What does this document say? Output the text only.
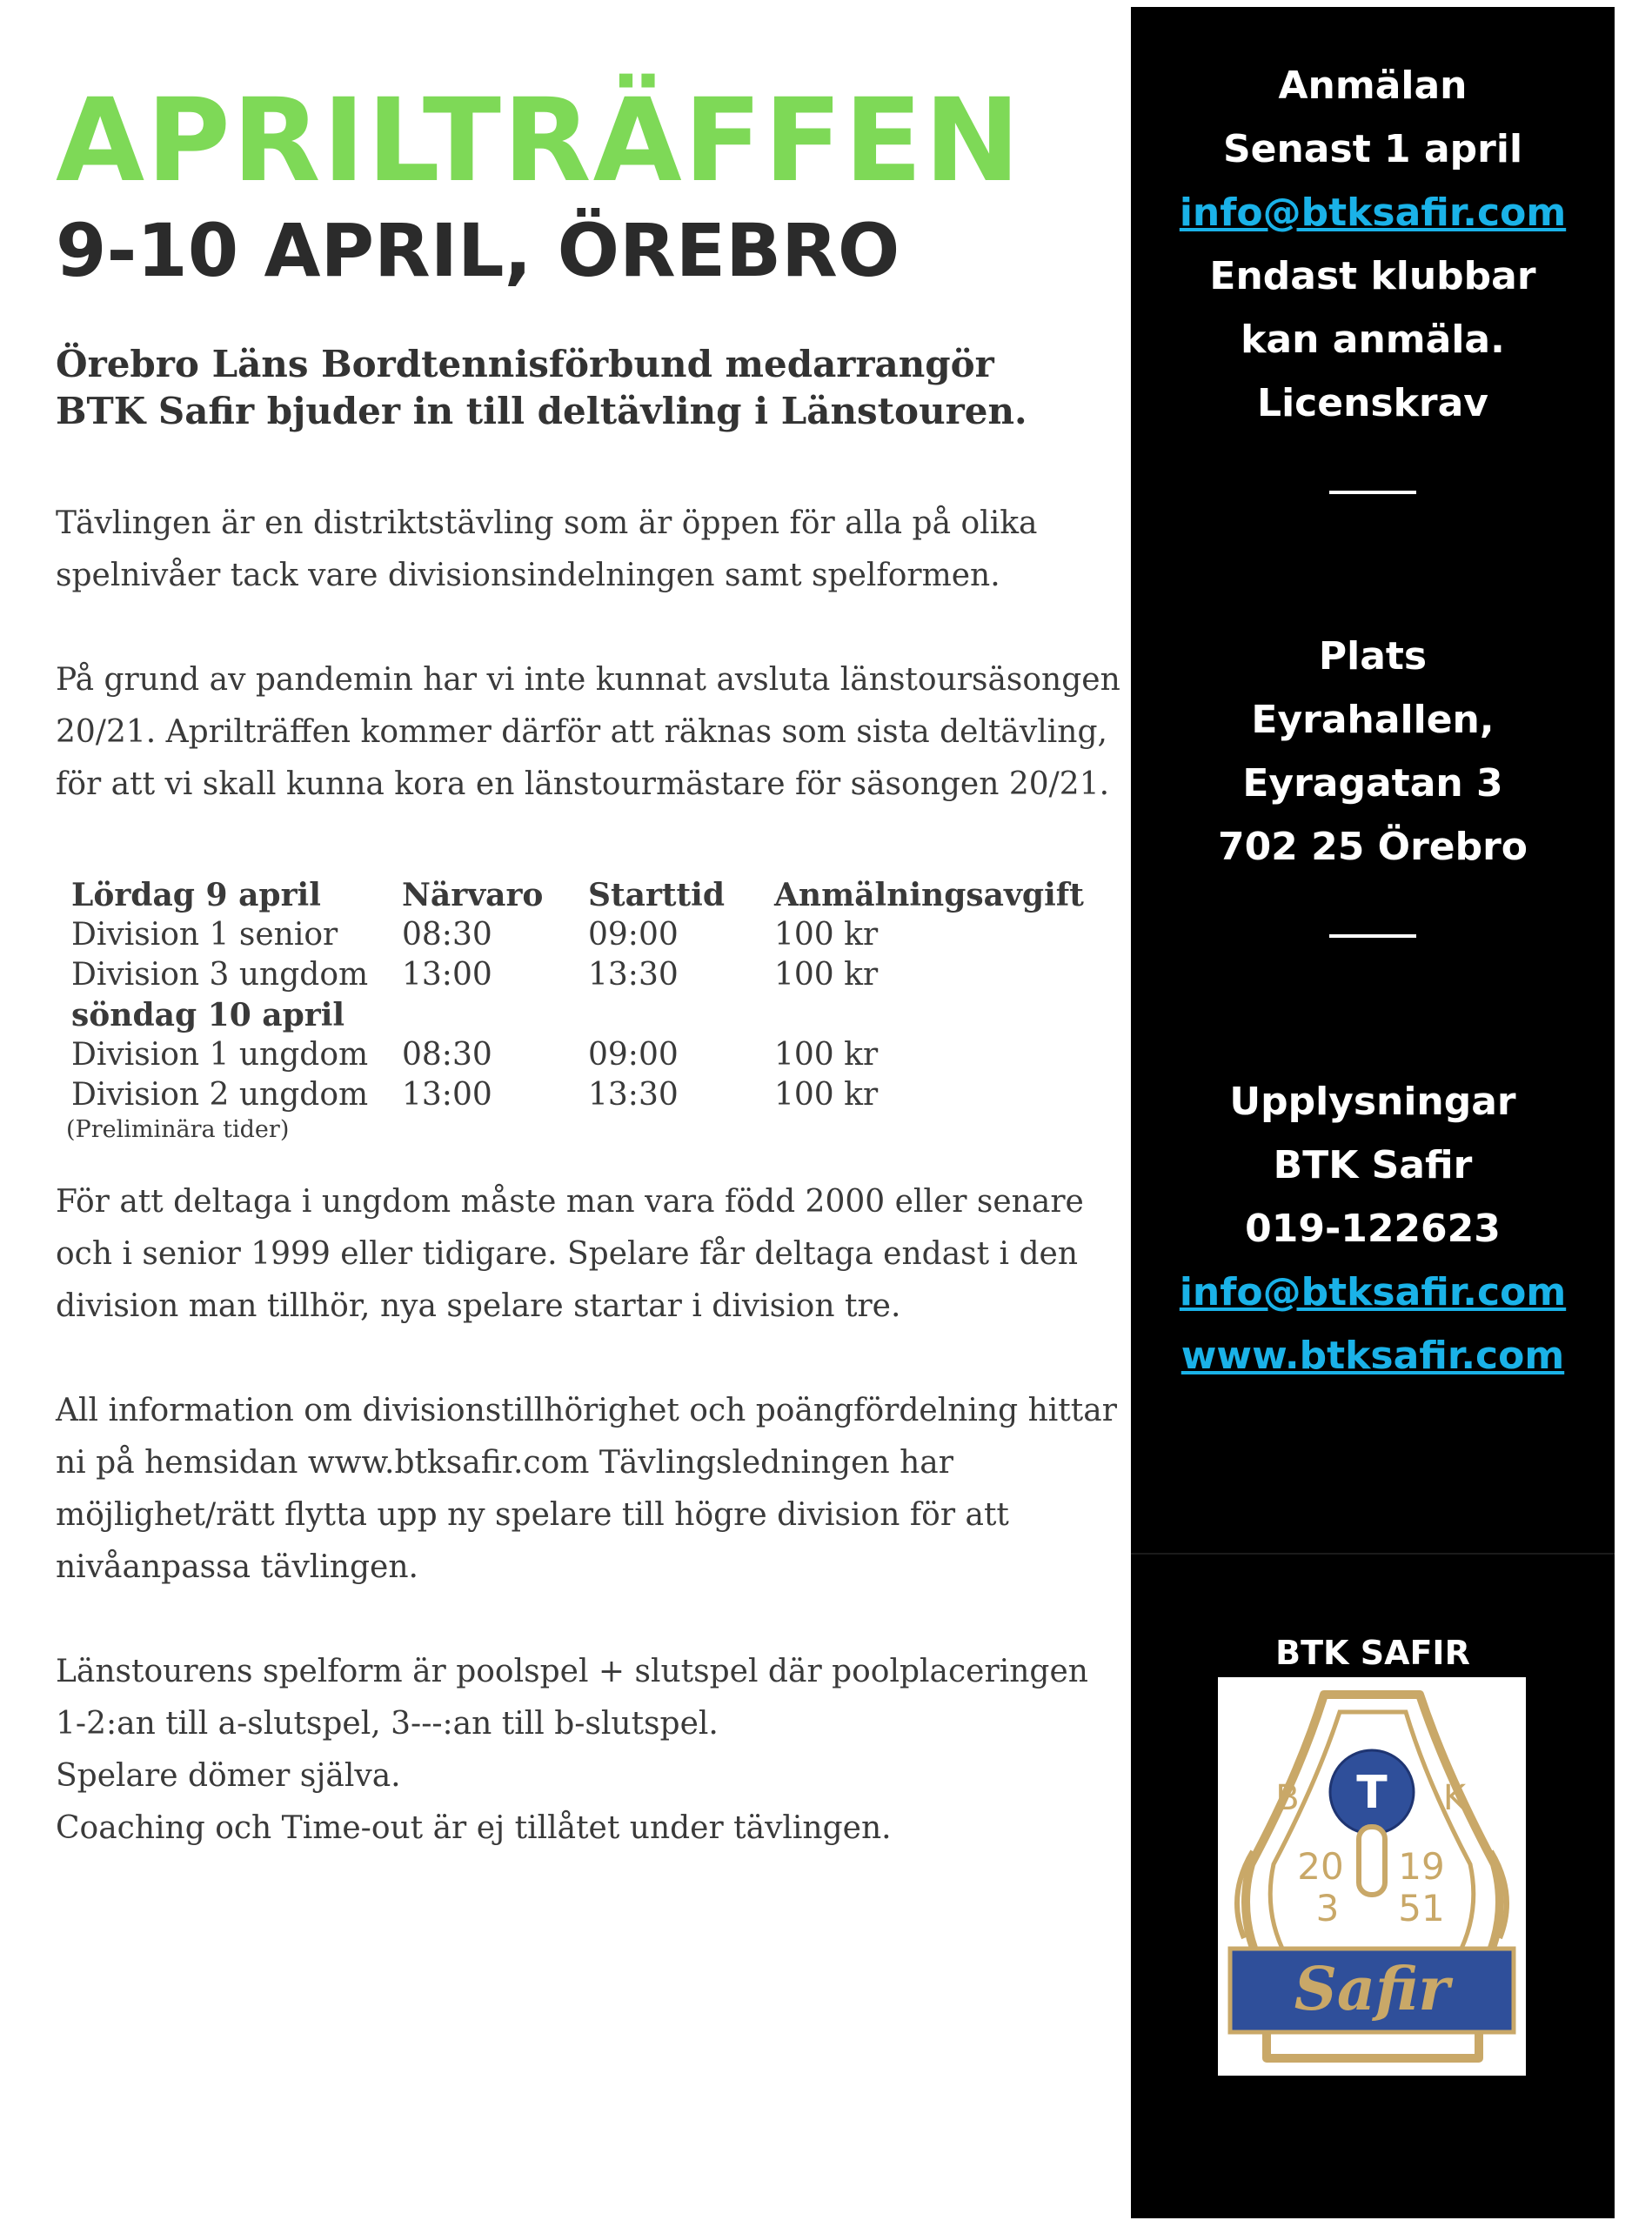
APRILTRÄFFEN
9-10 APRIL, ÖREBRO
Örebro Läns Bordtennisförbund medarrangör
BTK Safir bjuder in till deltävling i Länstouren.
Tävlingen är en distriktstävling som är öppen för alla på olika
spelnivåer tack vare divisionsindelningen samt spelformen.
På grund av pandemin har vi inte kunnat avsluta länstoursäsongen
20/21. Aprilträffen kommer därför att räknas som sista deltävling,
för att vi skall kunna kora en länstourmästare för säsongen 20/21.
Lördag 9 april	Närvaro	Starttid	Anmälningsavgift
Division 1 senior	08:30	09:00	100 kr
Division 3 ungdom	13:00	13:30	100 kr
söndag 10 april
Division 1 ungdom	08:30	09:00	100 kr
Division 2 ungdom	13:00	13:30	100 kr
(Preliminära tider)
För att deltaga i ungdom måste man vara född 2000 eller senare
och i senior 1999 eller tidigare. Spelare får deltaga endast i den
division man tillhör, nya spelare startar i division tre.
All information om divisionstillhörighet och poängfördelning hittar
ni på hemsidan www.btksafir.com Tävlingsledningen har
möjlighet/rätt flytta upp ny spelare till högre division för att
nivåanpassa tävlingen.
Länstourens spelform är poolspel + slutspel där poolplaceringen
1-2:an till a-slutspel, 3---:an till b-slutspel.
Spelare dömer själva.
Coaching och Time-out är ej tillåtet under tävlingen.
Anmälan
Senast 1 april
info@btksafir.com
Endast klubbar
kan anmäla.
Licenskrav
Plats
Eyrahallen,
Eyragatan 3
702 25 Örebro
Upplysningar
BTK Safir
019-122623
info@btksafir.com
www.btksafir.com
BTK SAFIR
T
B	K
20 19
3 51
Safir
